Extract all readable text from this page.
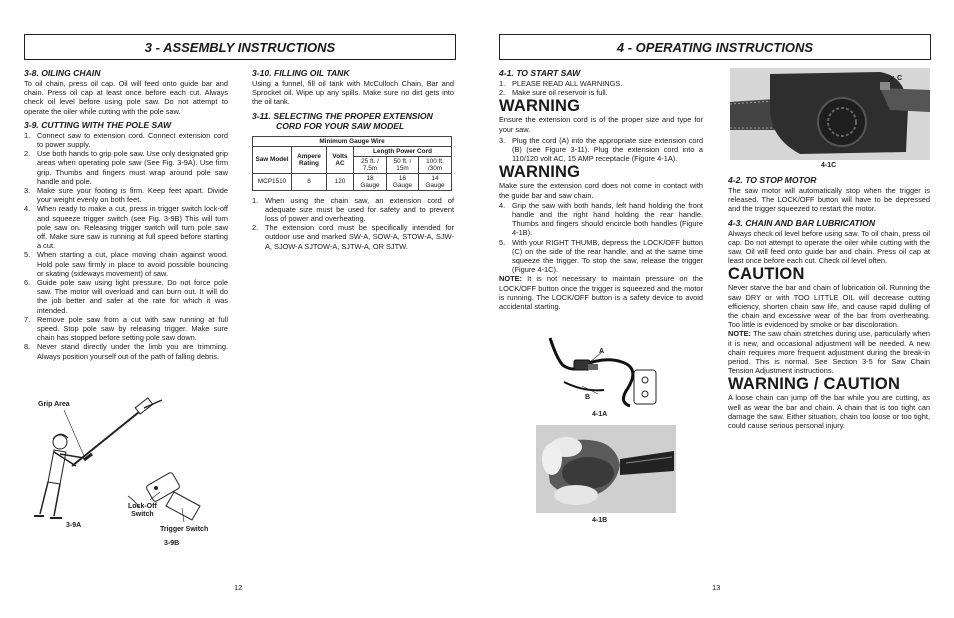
3 - ASSEMBLY INSTRUCTIONS
3-8. OILING CHAIN

To oil chain, press oil cap. Oil will feed onto guide bar and chain. Press oil cap at least once before each cut. Always check oil level before using pole saw. Do not attempt to operate the oiler while cutting with the pole saw.

3-9. CUTTING WITH THE POLE SAW
1. Connect saw to extension cord. Connect extension cord to power supply.
2. Use both hands to grip pole saw. Use only designated grip areas when operating pole saw (See Fig. 3-9A). Use firm grip. Thumbs and fingers must wrap around pole saw handle and pole.
3. Make sure your footing is firm. Keep feet apart. Divide your weight evenly on both feet.
4. When ready to make a cut, press in trigger switch lock-off and squeeze trigger switch (see Fig. 3-9B) This will turn pole saw on. Releasing trigger switch will turn pole saw off. Make sure saw is running at full speed before starting a cut.
5. When starting a cut, place moving chain against wood. Hold pole saw firmly in place to avoid possible bouncing or skating (sideways movement) of saw.
6. Guide pole saw using light pressure. Do not force pole saw. The motor will overload and can burn out. It will do the job better and safer at the rate for which it was intended.
7. Remove pole saw from a cut with saw running at full speed. Stop pole saw by releasing trigger. Make sure chain has stopped before setting pole saw down.
8. Never stand directly under the limb you are trimming. Always position yourself out of the path of falling debris.
3-10. FILLING OIL TANK

Using a funnel, fill oil tank with McCulloch Chain, Bar and Sprocket oil. Wipe up any spills. Make sure no dirt gets into the oil tank.

3-11. SELECTING THE PROPER EXTENSION
CORD FOR YOUR SAW MODEL
Minimum Gauge Wire					
Saw Model	Ampere Rating	Volts AC	Length Power Cord		
			25 ft. / 7.5m	50 ft. / 15m	100 ft. /30m
MCP1510	8	120	18 Gauge	16 Gauge	14 Gauge
1. When using the chain saw, an extension cord of adequate size must be used for safety and to prevent loss of power and overheating.
2. The extension cord must be specifically intended for outdoor use and marked SW-A, SOW-A, STOW-A, SJW-A, SJOW-A SJTOW-A, SJTW-A, OR SJTW.
Grip Area
3-9A
Lock-Off
Switch
Trigger Switch
3-9B
12
4 - OPERATING INSTRUCTIONS
4-1. TO START SAW
1. PLEASE READ ALL WARNINGS.
2. Make sure oil reservoir is full.
WARNING

Ensure the extension cord is of the proper size and type for your saw.

3. Plug the cord (A) into the appropriate size extension cord (B) (see Figure 3-11). Plug the extension cord into a 110/120 volt AC, 15 AMP receptacle (Figure 4-1A).
WARNING

Make sure the extension cord does not come in contact with the guide bar and saw chain.

4. Grip the saw with both hands, left hand holding the front handle and the right hand holding the rear handle. Thumbs and fingers should encircle both handles (Figure 4-1B).
5. With your RIGHT THUMB, depress the LOCK/OFF button (C) on the side of the rear handle, and at the same time squeeze the trigger. To stop the saw, release the trigger (Figure 4-1C).

NOTE: It is not necessary to maintain pressure on the LOCK/OFF button once the trigger is squeezed and the motor is running. The LOCK/OFF button is a safety device to avoid accidental starting.

A
B
4-1A
4-1B
C
4-1C
4-2. TO STOP MOTOR

The saw motor will automatically stop when the trigger is released. The LOCK/OFF button will have to be depressed and the trigger squeezed to restart the motor.

4-3. CHAIN AND BAR LUBRICATION

Always check oil level before using saw. To oil chain, press oil cap. Do not attempt to operate the oiler while cutting with the saw. Oil will feed onto guide bar and chain. Press oil cap at least once before each cut. Check oil level often.

CAUTION

Never starve the bar and chain of lubrication oil. Running the saw DRY or with TOO LITTLE OIL will decrease cutting efficiency, shorten chain saw life, and cause rapid dulling of the chain and excessive wear of the bar from overheating. Too little is evidenced by smoke or bar discoloration.

NOTE: The saw chain stretches during use, particularly when it is new, and occasional adjustment will be needed. A new chain requires more frequent adjustment during the break-in period. This is normal. See Section 3-5 for Saw Chain Tension Adjustment instructions.

WARNING / CAUTION

A loose chain can jump off the bar while you are cutting, as well as wear the bar and chain. A chain that is too tight can damage the saw. Either situation, chain too loose or too tight, could cause serious personal injury.

13
